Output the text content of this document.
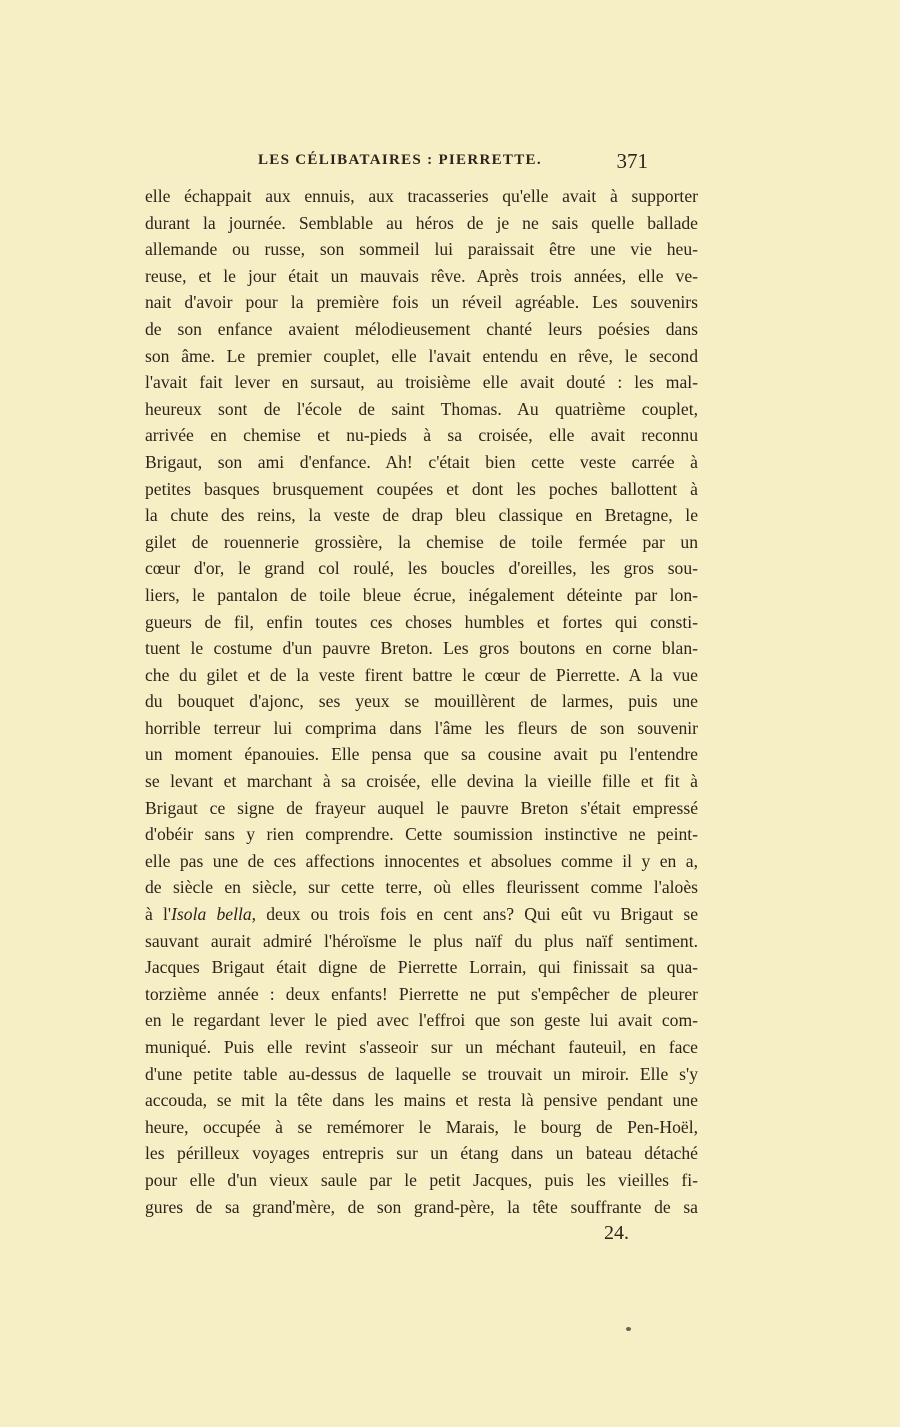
LES CÉLIBATAIRES : PIERRETTE.	371
elle échappait aux ennuis, aux tracasseries qu'elle avait à supporter
durant la journée. Semblable au héros de je ne sais quelle ballade
allemande ou russe, son sommeil lui paraissait être une vie heu-
reuse, et le jour était un mauvais rêve. Après trois années, elle ve-
nait d'avoir pour la première fois un réveil agréable. Les souvenirs
de son enfance avaient mélodieusement chanté leurs poésies dans
son âme. Le premier couplet, elle l'avait entendu en rêve, le second
l'avait fait lever en sursaut, au troisième elle avait douté : les mal-
heureux sont de l'école de saint Thomas. Au quatrième couplet,
arrivée en chemise et nu-pieds à sa croisée, elle avait reconnu
Brigaut, son ami d'enfance. Ah! c'était bien cette veste carrée à
petites basques brusquement coupées et dont les poches ballottent à
la chute des reins, la veste de drap bleu classique en Bretagne, le
gilet de rouennerie grossière, la chemise de toile fermée par un
cœur d'or, le grand col roulé, les boucles d'oreilles, les gros sou-
liers, le pantalon de toile bleue écrue, inégalement déteinte par lon-
gueurs de fil, enfin toutes ces choses humbles et fortes qui consti-
tuent le costume d'un pauvre Breton. Les gros boutons en corne blan-
che du gilet et de la veste firent battre le cœur de Pierrette. A la vue
du bouquet d'ajonc, ses yeux se mouillèrent de larmes, puis une
horrible terreur lui comprima dans l'âme les fleurs de son souvenir
un moment épanouies. Elle pensa que sa cousine avait pu l'entendre
se levant et marchant à sa croisée, elle devina la vieille fille et fit à
Brigaut ce signe de frayeur auquel le pauvre Breton s'était empressé
d'obéir sans y rien comprendre. Cette soumission instinctive ne peint-
elle pas une de ces affections innocentes et absolues comme il y en a,
de siècle en siècle, sur cette terre, où elles fleurissent comme l'aloès
à l'Isola bella, deux ou trois fois en cent ans? Qui eût vu Brigaut se
sauvant aurait admiré l'héroïsme le plus naïf du plus naïf sentiment.
Jacques Brigaut était digne de Pierrette Lorrain, qui finissait sa qua-
torzième année : deux enfants! Pierrette ne put s'empêcher de pleurer
en le regardant lever le pied avec l'effroi que son geste lui avait com-
muniqué. Puis elle revint s'asseoir sur un méchant fauteuil, en face
d'une petite table au-dessus de laquelle se trouvait un miroir. Elle s'y
accouda, se mit la tête dans les mains et resta là pensive pendant une
heure, occupée à se remémorer le Marais, le bourg de Pen-Hoël,
les périlleux voyages entrepris sur un étang dans un bateau détaché
pour elle d'un vieux saule par le petit Jacques, puis les vieilles fi-
gures de sa grand'mère, de son grand-père, la tête souffrante de sa
24.
